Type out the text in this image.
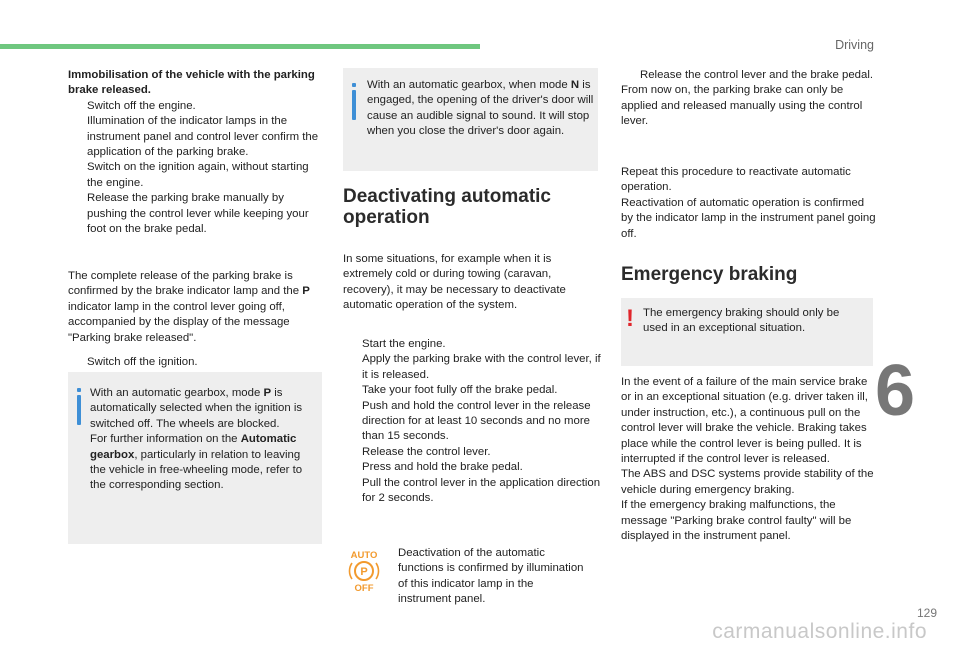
Driving

Immobilisation of the vehicle with the parking brake released.

Switch off the engine.

Illumination of the indicator lamps in the instrument panel and control lever confirm the application of the parking brake.

Switch on the ignition again, without starting the engine.
Release the parking brake manually by pushing the control lever while keeping your foot on the brake pedal.

The complete release of the parking brake is confirmed by the brake indicator lamp and the P indicator lamp in the control lever going off, accompanied by the display of the message "Parking brake released".

Switch off the ignition.
With an automatic gearbox, mode P is automatically selected when the ignition is switched off. The wheels are blocked.
For further information on the Automatic gearbox, particularly in relation to leaving the vehicle in free-wheeling mode, refer to the corresponding section.
With an automatic gearbox, when mode N is engaged, the opening of the driver's door will cause an audible signal to sound. It will stop when you close the driver's door again.
Deactivating automatic operation

In some situations, for example when it is extremely cold or during towing (caravan, recovery), it may be necessary to deactivate automatic operation of the system.

Start the engine.
Apply the parking brake with the control lever, if it is released.
Take your foot fully off the brake pedal.
Push and hold the control lever in the release direction for at least 10 seconds and no more than 15 seconds.
Release the control lever.
Press and hold the brake pedal.
Pull the control lever in the application direction for 2 seconds.
AUTO
P
OFF
Deactivation of the automatic functions is confirmed by illumination of this indicator lamp in the instrument panel.
Release the control lever and the brake pedal.

From now on, the parking brake can only be applied and released manually using the control lever.

Repeat this procedure to reactivate automatic operation.

Reactivation of automatic operation is confirmed by the indicator lamp in the instrument panel going off.

Emergency braking
! The emergency braking should only be used in an exceptional situation.

In the event of a failure of the main service brake or in an exceptional situation (e.g. driver taken ill, under instruction, etc.), a continuous pull on the control lever will brake the vehicle. Braking takes place while the control lever is being pulled. It is interrupted if the control lever is released.

The ABS and DSC systems provide stability of the vehicle during emergency braking.

If the emergency braking malfunctions, the message "Parking brake control faulty" will be displayed in the instrument panel.

6
129
carmanualsonline.info
